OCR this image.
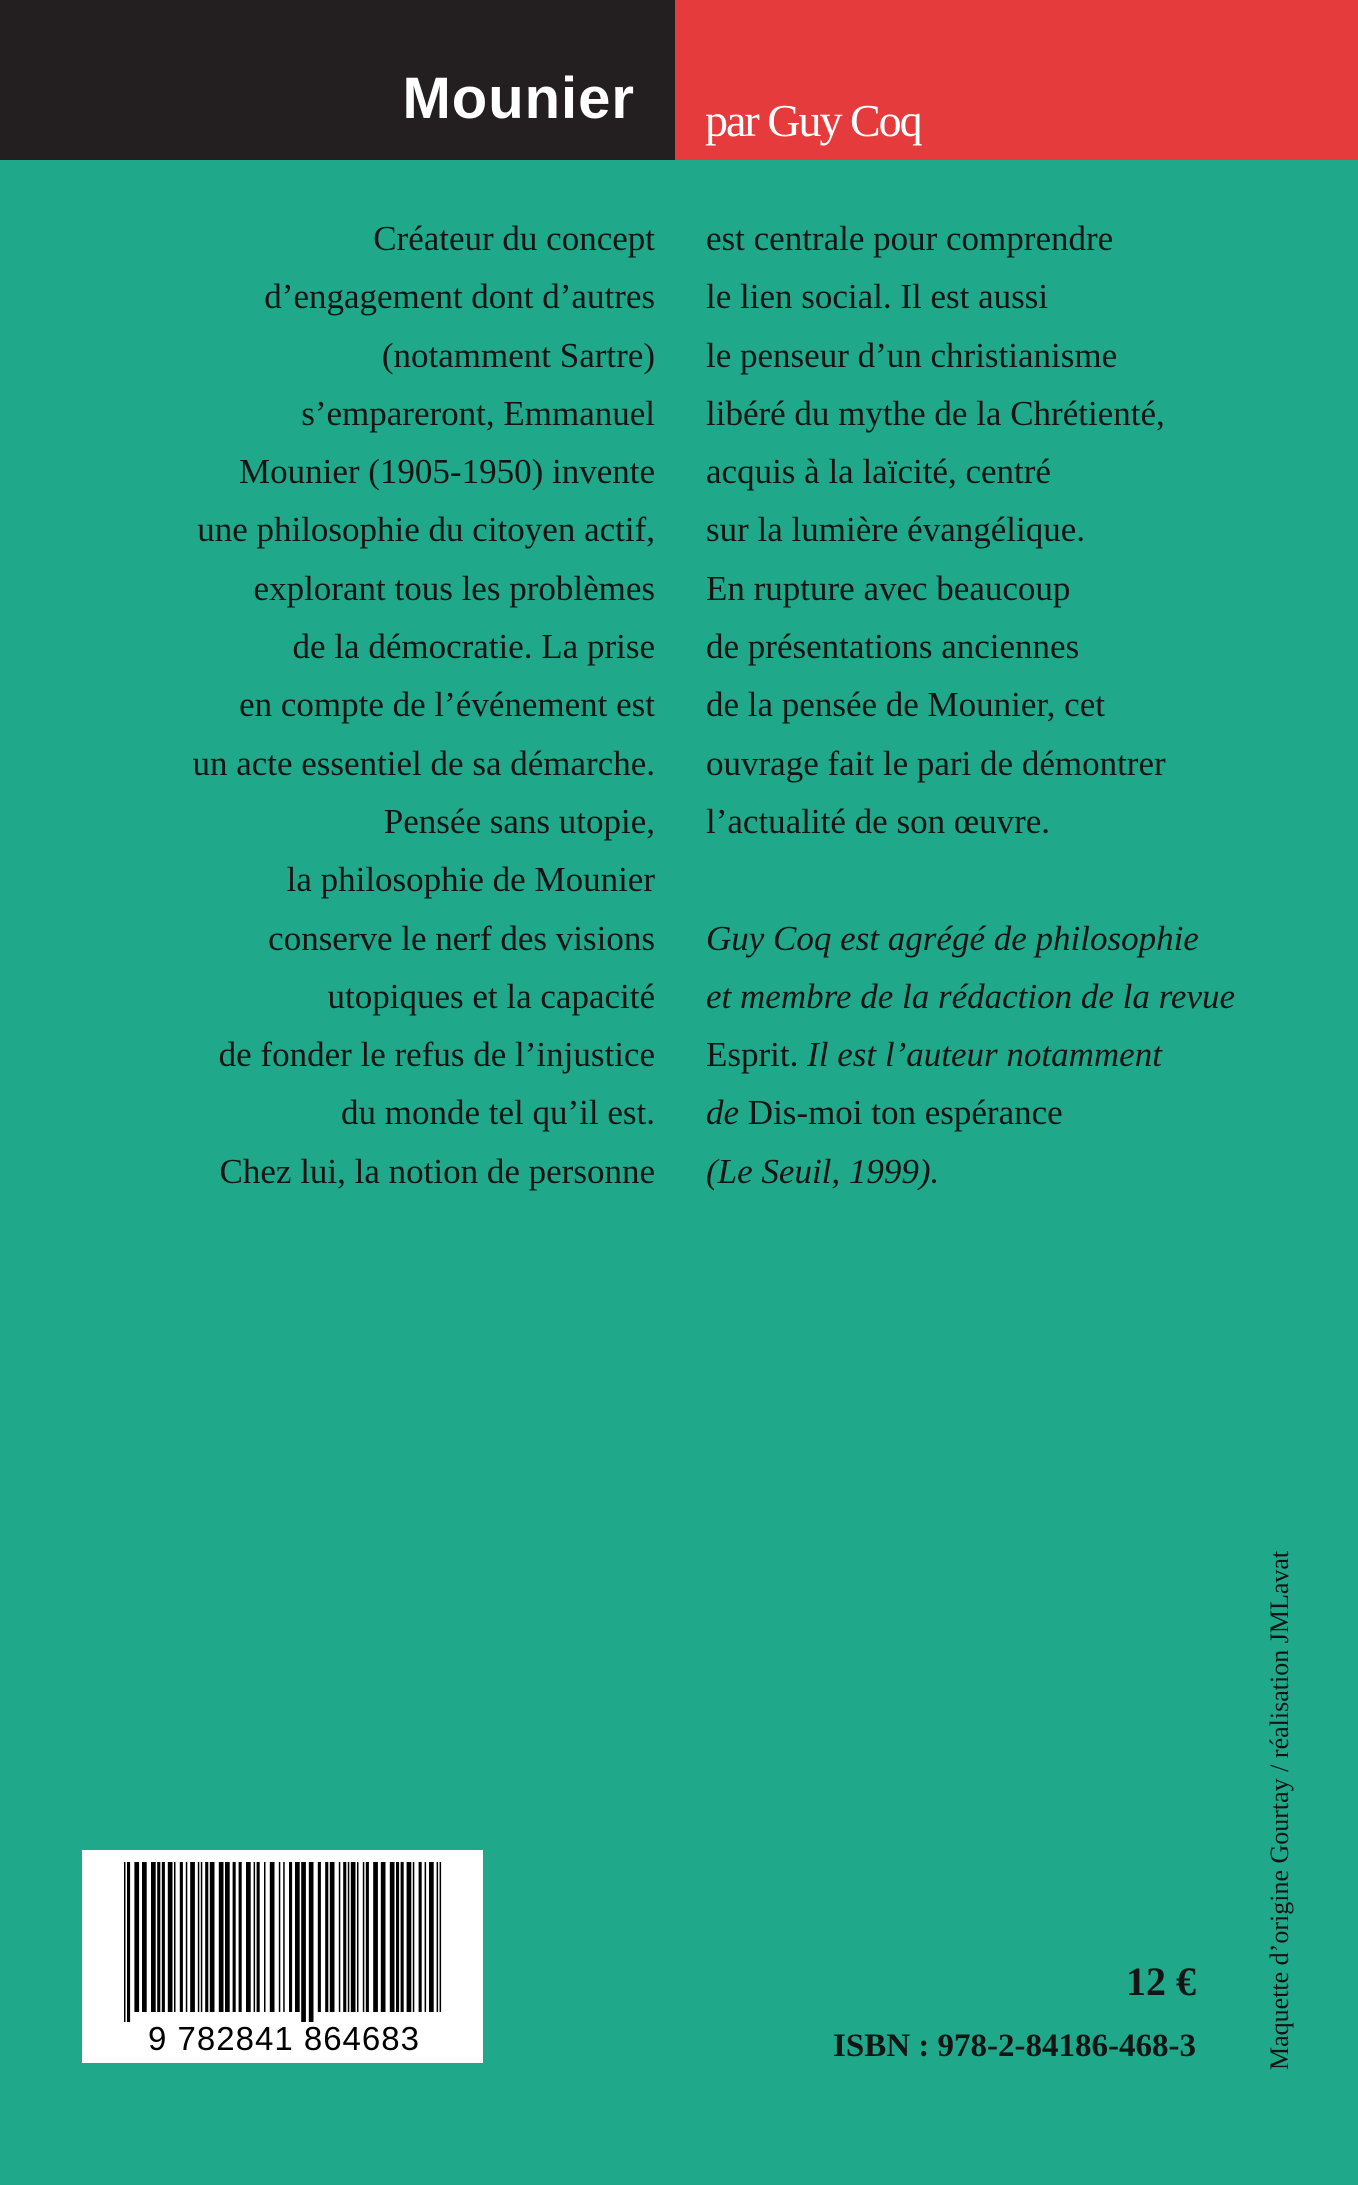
Mounier par Guy Coq
Créateur du concept
d’engagement dont d’autres
(notamment Sartre)
s’empareront, Emmanuel
Mounier (1905-1950) invente
une philosophie du citoyen actif,
explorant tous les problèmes
de la démocratie. La prise
en compte de l’événement est
un acte essentiel de sa démarche.
Pensée sans utopie,
la philosophie de Mounier
conserve le nerf des visions
utopiques et la capacité
de fonder le refus de l’injustice
du monde tel qu’il est.
Chez lui, la notion de personne
est centrale pour comprendre
le lien social. Il est aussi
le penseur d’un christianisme
libéré du mythe de la Chrétienté,
acquis à la laïcité, centré
sur la lumière évangélique.
En rupture avec beaucoup
de présentations anciennes
de la pensée de Mounier, cet
ouvrage fait le pari de démontrer
l’actualité de son œuvre.
Guy Coq est agrégé de philosophie
et membre de la rédaction de la revue
Esprit. Il est l’auteur notamment
de Dis-moi ton espérance
(Le Seuil, 1999).
9 782841 864683
12 €
ISBN : 978-2-84186-468-3	Maquette d’origine Gourtay / réalisation JMLavat
